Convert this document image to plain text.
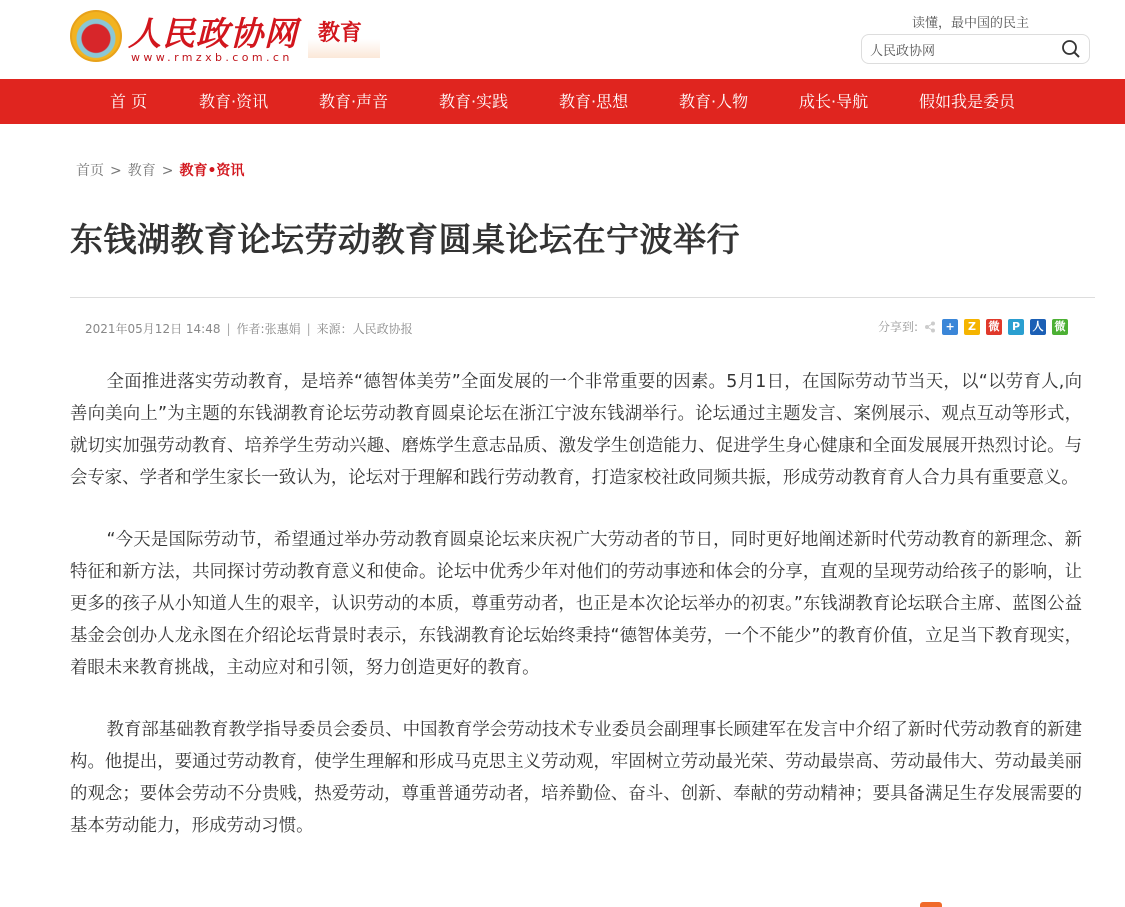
人民政协网
www.rmzxb.com.cn
教育	读懂，最中国的民主
人民政协网
首 页	教育·资讯	教育·声音	教育·实践	教育·思想	教育·人物	成长·导航	假如我是委员
首页 > 教育 > 教育•资讯
东钱湖教育论坛劳动教育圆桌论坛在宁波举行
2021年05月12日 14:48 | 作者:张惠娟 | 来源：人民政协报	分享到:	+	Z	微	P	人 微

全面推进落实劳动教育，是培养“德智体美劳”全面发展的一个非常重要的因素。5月1日，在国际劳动节当天，以“以劳育人,向善向美向上”为主题的东钱湖教育论坛劳动教育圆桌论坛在浙江宁波东钱湖举行。论坛通过主题发言、案例展示、观点互动等形式，就切实加强劳动教育、培养学生劳动兴趣、磨炼学生意志品质、激发学生创造能力、促进学生身心健康和全面发展展开热烈讨论。与会专家、学者和学生家长一致认为，论坛对于理解和践行劳动教育，打造家校社政同频共振，形成劳动教育育人合力具有重要意义。

“今天是国际劳动节，希望通过举办劳动教育圆桌论坛来庆祝广大劳动者的节日，同时更好地阐述新时代劳动教育的新理念、新特征和新方法，共同探讨劳动教育意义和使命。论坛中优秀少年对他们的劳动事迹和体会的分享，直观的呈现劳动给孩子的影响，让更多的孩子从小知道人生的艰辛，认识劳动的本质，尊重劳动者，也正是本次论坛举办的初衷。”东钱湖教育论坛联合主席、蓝图公益基金会创办人龙永图在介绍论坛背景时表示，东钱湖教育论坛始终秉持“德智体美劳，一个不能少”的教育价值，立足当下教育现实，着眼未来教育挑战，主动应对和引领，努力创造更好的教育。

教育部基础教育教学指导委员会委员、中国教育学会劳动技术专业委员会副理事长顾建军在发言中介绍了新时代劳动教育的新建构。他提出，要通过劳动教育，使学生理解和形成马克思主义劳动观，牢固树立劳动最光荣、劳动最崇高、劳动最伟大、劳动最美丽的观念；要体会劳动不分贵贱，热爱劳动，尊重普通劳动者，培养勤俭、奋斗、创新、奉献的劳动精神；要具备满足生存发展需要的基本劳动能力，形成劳动习惯。
